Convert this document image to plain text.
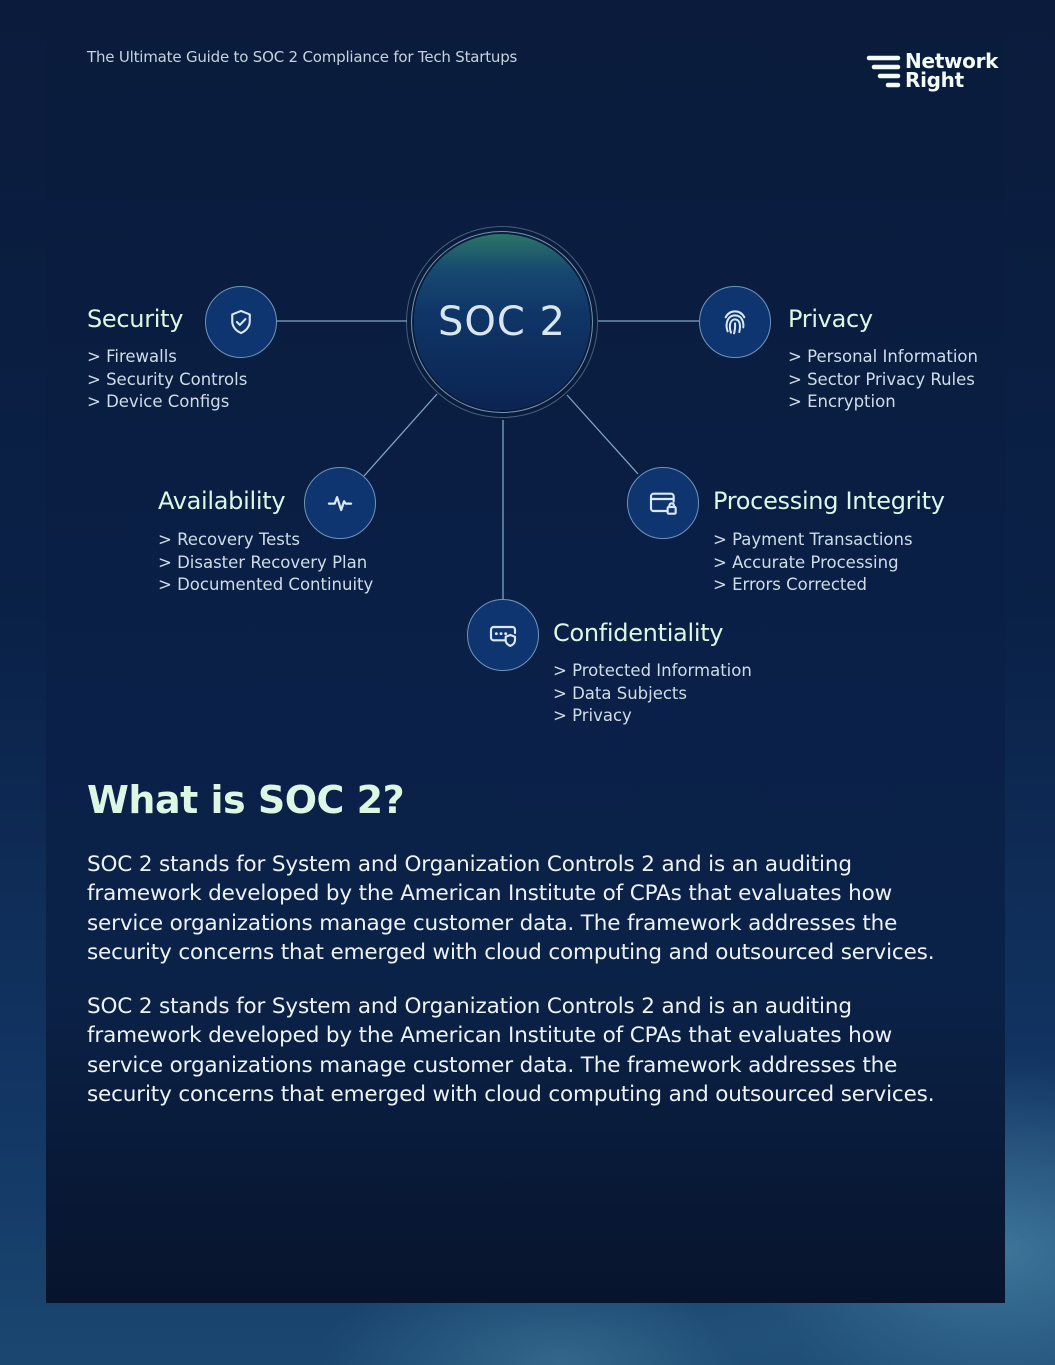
The Ultimate Guide to SOC 2 Compliance for Tech Startups	Network
Right
SOC 2
Security
> Firewalls
> Security Controls
> Device Configs
Privacy
> Personal Information
> Sector Privacy Rules
> Encryption
Availability
> Recovery Tests
> Disaster Recovery Plan
> Documented Continuity
Processing Integrity
> Payment Transactions
> Accurate Processing
> Errors Corrected
Confidentiality
> Protected Information
> Data Subjects
> Privacy
What is SOC 2?

SOC 2 stands for System and Organization Controls 2 and is an auditing framework developed by the American Institute of CPAs that evaluates how service organizations manage customer data. The framework addresses the security concerns that emerged with cloud computing and outsourced services.

SOC 2 stands for System and Organization Controls 2 and is an auditing framework developed by the American Institute of CPAs that evaluates how service organizations manage customer data. The framework addresses the security concerns that emerged with cloud computing and outsourced services.
